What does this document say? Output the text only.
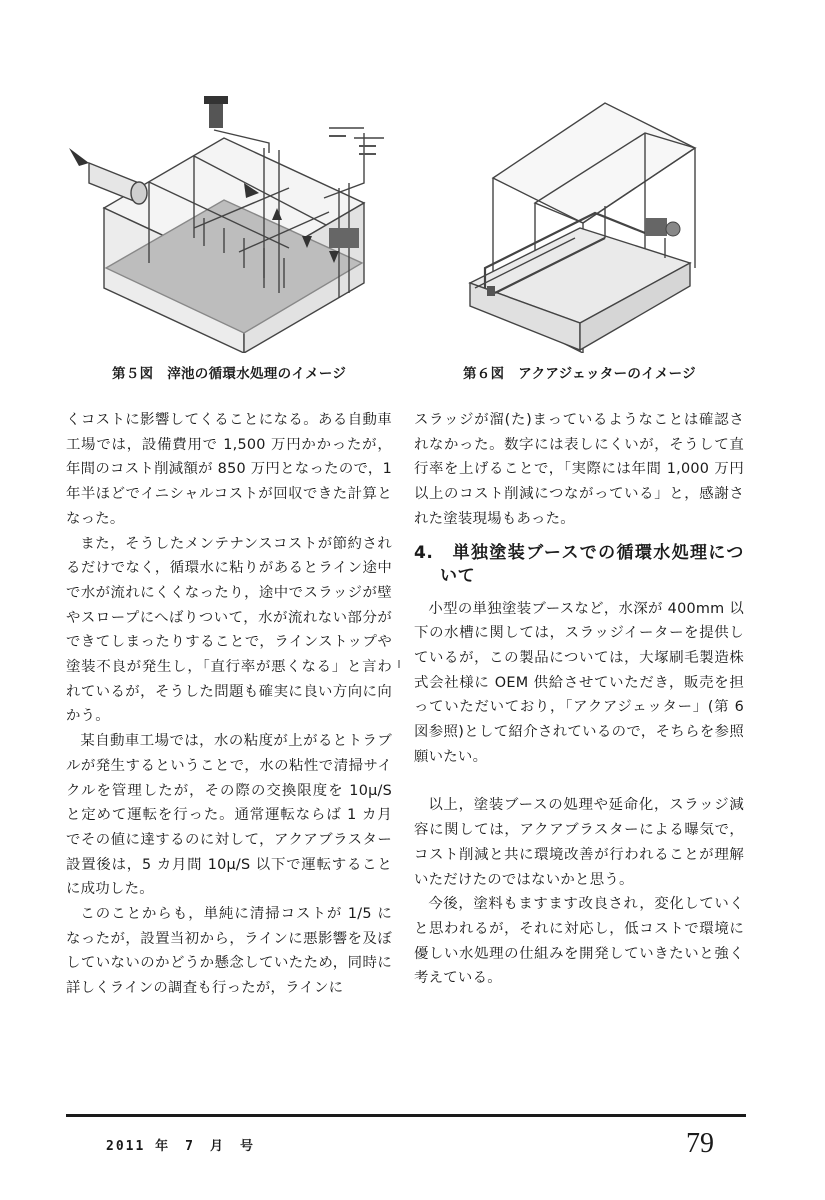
第５図　滓池の循環水処理のイメージ	第６図　アクアジェッターのイメージ

くコストに影響してくることになる。ある自動車工場では，設備費用で 1,500 万円かかったが，年間のコスト削減額が 850 万円となったので，1 年半ほどでイニシャルコストが回収できた計算となった。

また，そうしたメンテナンスコストが節約されるだけでなく，循環水に粘りがあるとライン途中で水が流れにくくなったり，途中でスラッジが壁やスロープにへばりついて，水が流れない部分ができてしまったりすることで，ラインストップや塗装不良が発生し，「直行率が悪くなる」と言われているが，そうした問題も確実に良い方向に向かう。

某自動車工場では，水の粘度が上がるとトラブルが発生するということで，水の粘性で清掃サイクルを管理したが，その際の交換限度を 10μ/S と定めて運転を行った。通常運転ならば 1 カ月でその値に達するのに対して，アクアブラスター設置後は，5 カ月間 10μ/S 以下で運転することに成功した。

このことからも，単純に清掃コストが 1/5 になったが，設置当初から，ラインに悪影響を及ぼしていないのかどうか懸念していたため，同時に詳しくラインの調査も行ったが，ラインに

スラッジが溜(た)まっているようなことは確認されなかった。数字には表しにくいが，そうして直行率を上げることで，「実際には年間 1,000 万円以上のコスト削減につながっている」と，感謝された塗装現場もあった。

4.　単独塗装ブースでの循環水処理について

小型の単独塗装ブースなど，水深が 400mm 以下の水槽に関しては，スラッジイーターを提供しているが，この製品については，大塚刷毛製造株式会社様に OEM 供給させていただき，販売を担っていただいており，「アクアジェッター」(第 6 図参照)として紹介されているので，そちらを参照願いたい。

以上，塗装ブースの処理や延命化，スラッジ減容に関しては，アクアブラスターによる曝気で，コスト削減と共に環境改善が行われることが理解いただけたのではないかと思う。

今後，塗料もますます改良され，変化していくと思われるが，それに対応し，低コストで環境に優しい水処理の仕組みを開発していきたいと強く考えている。

2011 年　7　月　号	79
